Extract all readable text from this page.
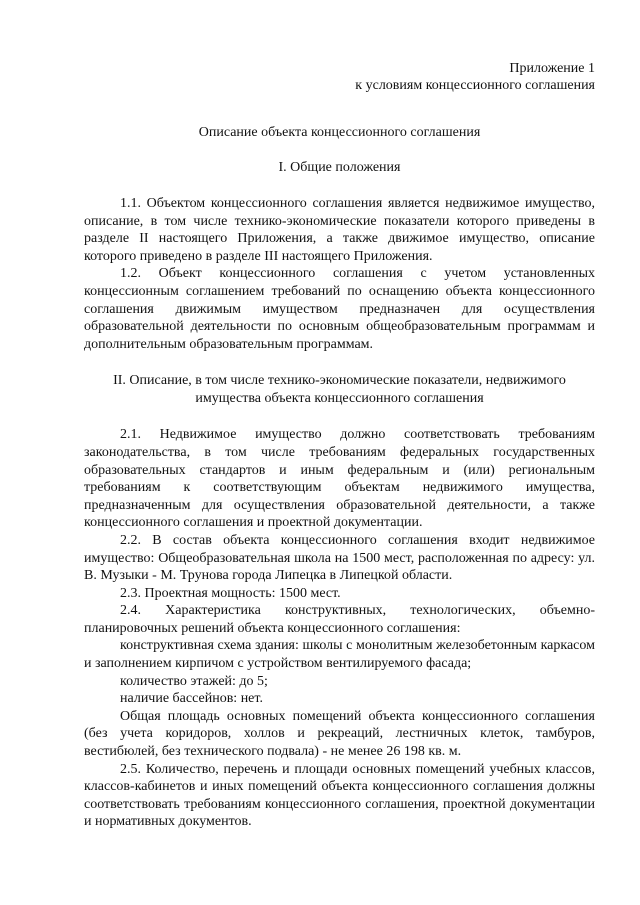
Приложение 1
к условиям концессионного соглашения
Описание объекта концессионного соглашения
I. Общие положения

1.1. Объектом концессионного соглашения является недвижимое имущество, описание, в том числе технико-экономические показатели которого приведены в разделе II настоящего Приложения, а также движимое имущество, описание которого приведено в разделе III настоящего Приложения.

1.2. Объект концессионного соглашения с учетом установленных концессионным соглашением требований по оснащению объекта концессионного соглашения движимым имуществом предназначен для осуществления образовательной деятельности по основным общеобразовательным программам и дополнительным образовательным программам.

II. Описание, в том числе технико-экономические показатели, недвижимого имущества объекта концессионного соглашения

2.1. Недвижимое имущество должно соответствовать требованиям законодательства, в том числе требованиям федеральных государственных образовательных стандартов и иным федеральным и (или) региональным требованиям к соответствующим объектам недвижимого имущества, предназначенным для осуществления образовательной деятельности, а также концессионного соглашения и проектной документации.

2.2. В состав объекта концессионного соглашения входит недвижимое имущество: Общеобразовательная школа на 1500 мест, расположенная по адресу: ул. В. Музыки - М. Трунова города Липецка в Липецкой области.

2.3. Проектная мощность: 1500 мест.

2.4. Характеристика конструктивных, технологических, объемно-планировочных решений объекта концессионного соглашения:

конструктивная схема здания: школы с монолитным железобетонным каркасом и заполнением кирпичом с устройством вентилируемого фасада;

количество этажей: до 5;

наличие бассейнов: нет.

Общая площадь основных помещений объекта концессионного соглашения (без учета коридоров, холлов и рекреаций, лестничных клеток, тамбуров, вестибюлей, без технического подвала) - не менее 26 198 кв. м.

2.5. Количество, перечень и площади основных помещений учебных классов, классов-кабинетов и иных помещений объекта концессионного соглашения должны соответствовать требованиям концессионного соглашения, проектной документации и нормативных документов.
